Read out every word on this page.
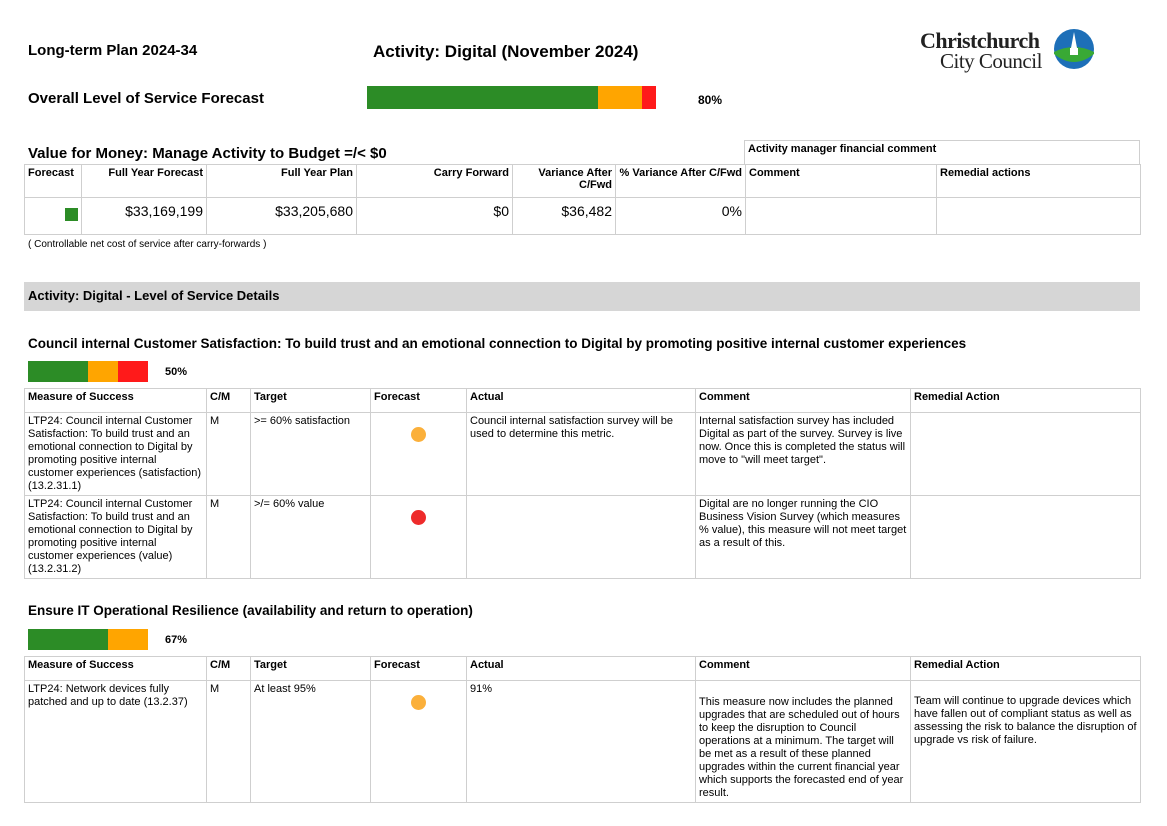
Long-term Plan 2024-34	Activity: Digital (November 2024)	Christchurch
City Council
Overall Level of Service Forecast	80%
Value for Money: Manage Activity to Budget =/< $0	Activity manager financial comment
Forecast	Full Year Forecast	Full Year Plan	Carry Forward	Variance After C/Fwd	% Variance After C/Fwd	Comment	Remedial actions
	$33,169,199	$33,205,680	$0	$36,482	0%		
( Controllable net cost of service after carry-forwards )
Activity: Digital - Level of Service Details
Council internal Customer Satisfaction: To build trust and an emotional connection to Digital by promoting positive internal customer experiences
50%
Measure of Success	C/M	Target	Forecast	Actual	Comment	Remedial Action
LTP24: Council internal Customer Satisfaction: To build trust and an emotional connection to Digital by promoting positive internal customer experiences (satisfaction) (13.2.31.1)	M	>= 60% satisfaction		Council internal satisfaction survey will be used to determine this metric.	Internal satisfaction survey has included Digital as part of the survey. Survey is live now. Once this is completed the status will move to "will meet target".	
LTP24: Council internal Customer Satisfaction: To build trust and an emotional connection to Digital by promoting positive internal customer experiences (value) (13.2.31.2)	M	>/= 60% value			Digital are no longer running the CIO Business Vision Survey (which measures % value), this measure will not meet target as a result of this.	
Ensure IT Operational Resilience (availability and return to operation)
67%
Measure of Success	C/M	Target	Forecast	Actual	Comment	Remedial Action
LTP24: Network devices fully patched and up to date (13.2.37)	M	At least 95%		91%	This measure now includes the planned upgrades that are scheduled out of hours to keep the disruption to Council operations at a minimum. The target will be met as a result of these planned upgrades within the current financial year which supports the forecasted end of year result.	Team will continue to upgrade devices which have fallen out of compliant status as well as assessing the risk to balance the disruption of upgrade vs risk of failure.
